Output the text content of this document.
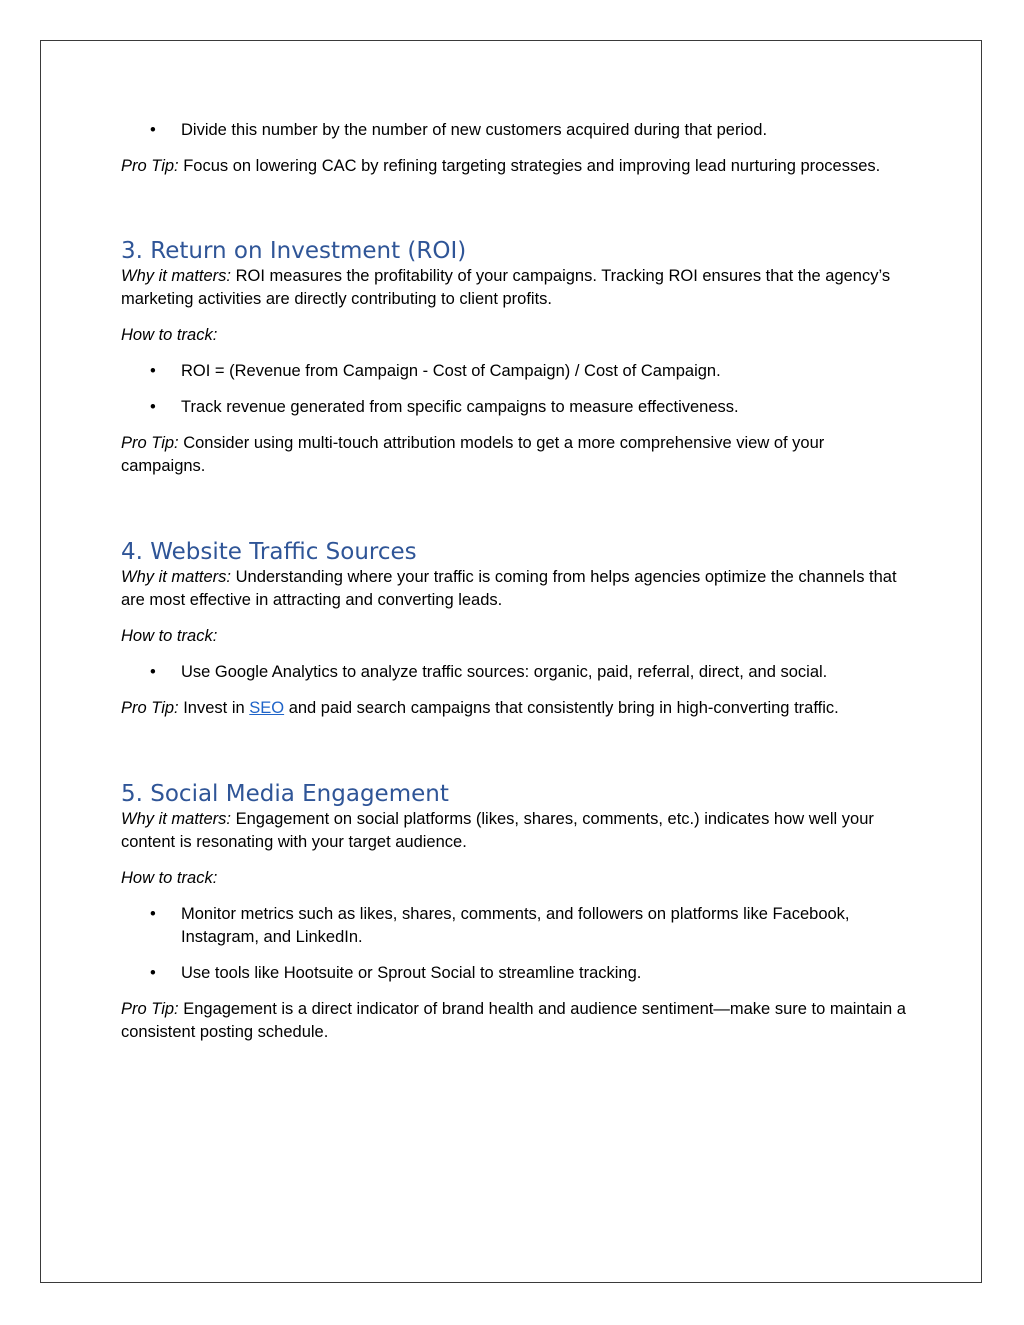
• Divide this number by the number of new customers acquired during that period.

Pro Tip: Focus on lowering CAC by refining targeting strategies and improving lead nurturing processes.

3. Return on Investment (ROI)

Why it matters: ROI measures the profitability of your campaigns. Tracking ROI ensures that the agency’s marketing activities are directly contributing to client profits.

How to track:

• ROI = (Revenue from Campaign - Cost of Campaign) / Cost of Campaign.
• Track revenue generated from specific campaigns to measure effectiveness.

Pro Tip: Consider using multi-touch attribution models to get a more comprehensive view of your campaigns.

4. Website Traffic Sources

Why it matters: Understanding where your traffic is coming from helps agencies optimize the channels that are most effective in attracting and converting leads.

How to track:

• Use Google Analytics to analyze traffic sources: organic, paid, referral, direct, and social.

Pro Tip: Invest in SEO and paid search campaigns that consistently bring in high-converting traffic.

5. Social Media Engagement

Why it matters: Engagement on social platforms (likes, shares, comments, etc.) indicates how well your content is resonating with your target audience.

How to track:

• Monitor metrics such as likes, shares, comments, and followers on platforms like Facebook, Instagram, and LinkedIn.
• Use tools like Hootsuite or Sprout Social to streamline tracking.

Pro Tip: Engagement is a direct indicator of brand health and audience sentiment—make sure to maintain a consistent posting schedule.
